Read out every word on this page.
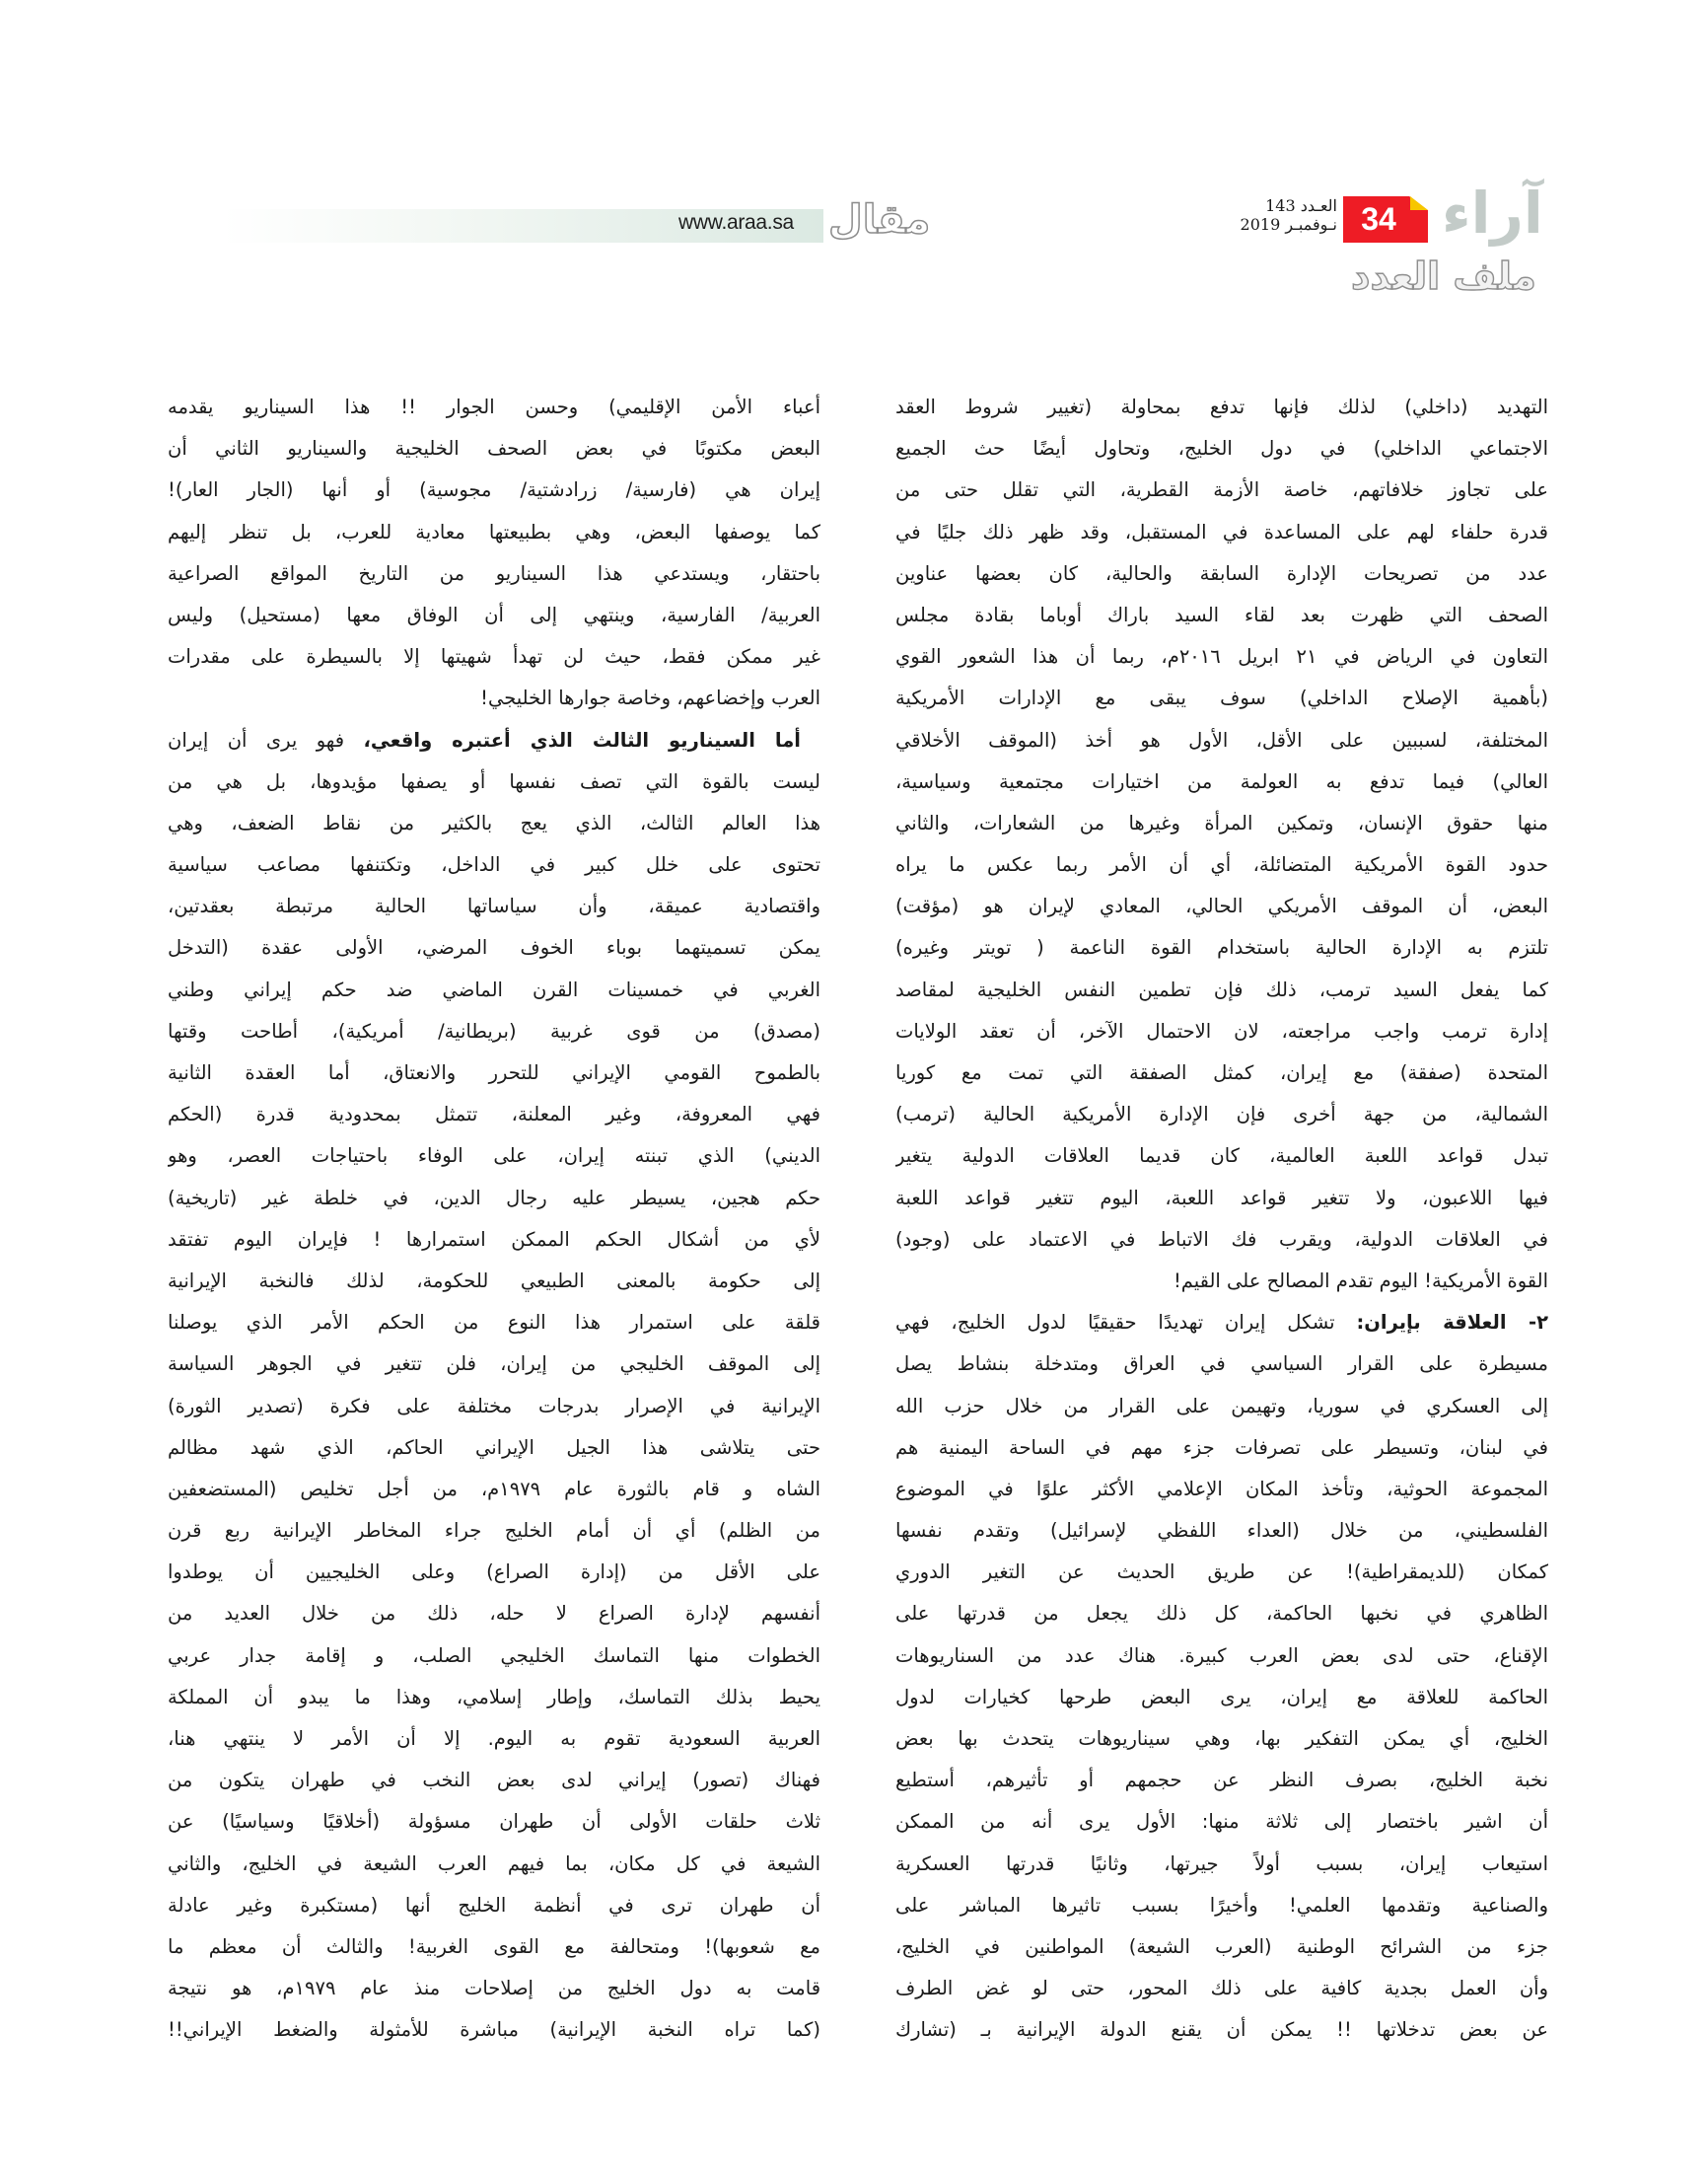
www.araa.sa مقال	العـدد 143
نـوفمبـر 2019 34 آراء
ملف العدد
التهديد (داخلي) لذلك فإنها تدفع بمحاولة (تغيير شروط العقد
الاجتماعي الداخلي) في دول الخليج، وتحاول أيضًا حث الجميع
على تجاوز خلافاتهم، خاصة الأزمة القطرية، التي تقلل حتى من
قدرة حلفاء لهم على المساعدة في المستقبل، وقد ظهر ذلك جليًا في
عدد من تصريحات الإدارة السابقة والحالية، كان بعضها عناوين
الصحف التي ظهرت بعد لقاء السيد باراك أوباما بقادة مجلس
التعاون في الرياض في ٢١ ابريل ٢٠١٦م، ربما أن هذا الشعور القوي
(بأهمية الإصلاح الداخلي) سوف يبقى مع الإدارات الأمريكية
المختلفة، لسببين على الأقل، الأول هو أخذ (الموقف الأخلاقي
العالي) فيما تدفع به العولمة من اختيارات مجتمعية وسياسية،
منها حقوق الإنسان، وتمكين المرأة وغيرها من الشعارات، والثاني
حدود القوة الأمريكية المتضائلة، أي أن الأمر ربما عكس ما يراه
البعض، أن الموقف الأمريكي الحالي، المعادي لإيران هو (مؤقت)
تلتزم به الإدارة الحالية باستخدام القوة الناعمة ( تويتر وغيره)
كما يفعل السيد ترمب، ذلك فإن تطمين النفس الخليجية لمقاصد
إدارة ترمب واجب مراجعته، لان الاحتمال الآخر، أن تعقد الولايات
المتحدة (صفقة) مع إيران، كمثل الصفقة التي تمت مع كوريا
الشمالية، من جهة أخرى فإن الإدارة الأمريكية الحالية (ترمب)
تبدل قواعد اللعبة العالمية، كان قديما العلاقات الدولية يتغير
فيها اللاعبون، ولا تتغير قواعد اللعبة، اليوم تتغير قواعد اللعبة
في العلاقات الدولية، ويقرب فك الاتباط في الاعتماد على (وجود)
القوة الأمريكية! اليوم تقدم المصالح على القيم!
٢- العلاقة بإيران: تشكل إيران تهديدًا حقيقيًا لدول الخليج، فهي
مسيطرة على القرار السياسي في العراق ومتدخلة بنشاط يصل
إلى العسكري في سوريا، وتهيمن على القرار من خلال حزب الله
في لبنان، وتسيطر على تصرفات جزء مهم في الساحة اليمنية هم
المجموعة الحوثية، وتأخذ المكان الإعلامي الأكثر علوًا في الموضوع
الفلسطيني، من خلال (العداء اللفظي لإسرائيل) وتقدم نفسها
كمكان (للديمقراطية)! عن طريق الحديث عن التغير الدوري
الظاهري في نخبها الحاكمة، كل ذلك يجعل من قدرتها على
الإقناع، حتى لدى بعض العرب كبيرة. هناك عدد من السناريوهات
الحاكمة للعلاقة مع إيران، يرى البعض طرحها كخيارات لدول
الخليج، أي يمكن التفكير بها، وهي سيناريوهات يتحدث بها بعض
نخبة الخليج، بصرف النظر عن حجمهم أو تأثيرهم، أستطيع
أن اشير باختصار إلى ثلاثة منها: الأول يرى أنه من الممكن
استيعاب إيران، بسبب أولاً جيرتها، وثانيًا قدرتها العسكرية
والصناعية وتقدمها العلمي! وأخيرًا بسبب تاثيرها المباشر على
جزء من الشرائح الوطنية (العرب الشيعة) المواطنين في الخليج،
وأن العمل بجدية كافية على ذلك المحور، حتى لو غض الطرف
عن بعض تدخلاتها !! يمكن أن يقنع الدولة الإيرانية بـ (تشارك
أعباء الأمن الإقليمي) وحسن الجوار !! هذا السيناريو يقدمه
البعض مكتوبًا في بعض الصحف الخليجية والسيناريو الثاني أن
إيران هي (فارسية/ زرادشتية/ مجوسية) أو أنها (الجار العار)!
كما يوصفها البعض، وهي بطبيعتها معادية للعرب، بل تنظر إليهم
باحتقار، ويستدعي هذا السيناريو من التاريخ المواقع الصراعية
العربية/ الفارسية، وينتهي إلى أن الوفاق معها (مستحيل) وليس
غير ممكن فقط، حيث لن تهدأ شهيتها إلا بالسيطرة على مقدرات
العرب وإخضاعهم، وخاصة جوارها الخليجي!
أما السيناريو الثالث الذي أعتبره واقعي، فهو يرى أن إيران
ليست بالقوة التي تصف نفسها أو يصفها مؤيدوها، بل هي من
هذا العالم الثالث، الذي يعج بالكثير من نقاط الضعف، وهي
تحتوى على خلل كبير في الداخل، وتكتنفها مصاعب سياسية
واقتصادية عميقة، وأن سياساتها الحالية مرتبطة بعقدتين،
يمكن تسميتهما بوباء الخوف المرضي، الأولى عقدة (التدخل
الغربي في خمسينات القرن الماضي ضد حكم إيراني وطني
(مصدق) من قوى غربية (بريطانية/ أمريكية)، أطاحت وقتها
بالطموح القومي الإيراني للتحرر والانعتاق، أما العقدة الثانية
فهي المعروفة، وغير المعلنة، تتمثل بمحدودية قدرة (الحكم
الديني) الذي تبنته إيران، على الوفاء باحتياجات العصر، وهو
حكم هجين، يسيطر عليه رجال الدين، في خلطة غير (تاريخية)
لأي من أشكال الحكم الممكن استمرارها ! فإيران اليوم تفتقد
إلى حكومة بالمعنى الطبيعي للحكومة، لذلك فالنخبة الإيرانية
قلقة على استمرار هذا النوع من الحكم الأمر الذي يوصلنا
إلى الموقف الخليجي من إيران، فلن تتغير في الجوهر السياسة
الإيرانية في الإصرار بدرجات مختلفة على فكرة (تصدير الثورة)
حتى يتلاشى هذا الجيل الإيراني الحاكم، الذي شهد مظالم
الشاه و قام بالثورة عام ١٩٧٩م، من أجل تخليص (المستضعفين
من الظلم) أي أن أمام الخليج جراء المخاطر الإيرانية ربع قرن
على الأقل من (إدارة الصراع) وعلى الخليجيين أن يوطدوا
أنفسهم لإدارة الصراع لا حله، ذلك من خلال العديد من
الخطوات منها التماسك الخليجي الصلب، و إقامة جدار عربي
يحيط بذلك التماسك، وإطار إسلامي، وهذا ما يبدو أن المملكة
العربية السعودية تقوم به اليوم. إلا أن الأمر لا ينتهي هنا،
فهناك (تصور) إيراني لدى بعض النخب في طهران يتكون من
ثلاث حلقات الأولى أن طهران مسؤولة (أخلاقيًا وسياسيًا) عن
الشيعة في كل مكان، بما فيهم العرب الشيعة في الخليج، والثاني
أن طهران ترى في أنظمة الخليج أنها (مستكبرة وغير عادلة
مع شعوبها)! ومتحالفة مع القوى الغربية! والثالث أن معظم ما
قامت به دول الخليج من إصلاحات منذ عام ١٩٧٩م، هو نتيجة
(كما تراه النخبة الإيرانية) مباشرة للأمثولة والضغط الإيراني!!
